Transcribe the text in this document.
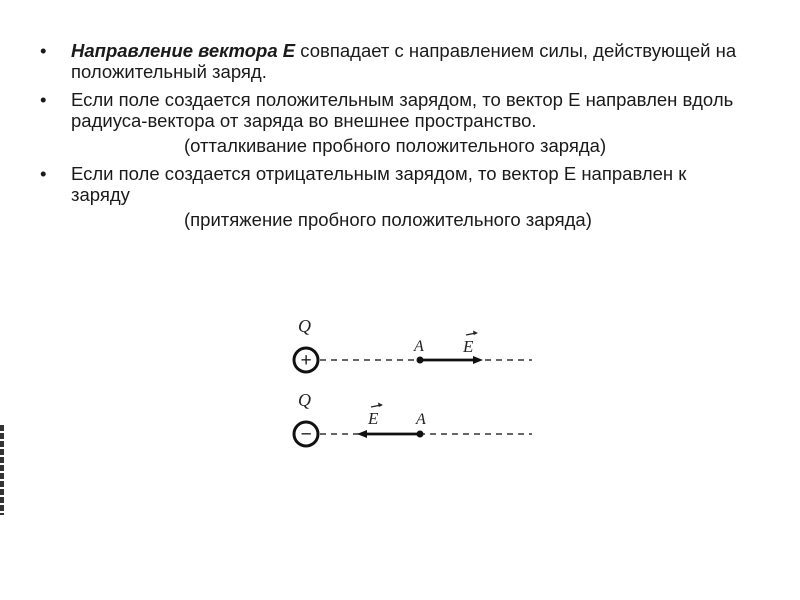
• Направление вектора E совпадает с направлением силы, действующей на положительный заряд.
• Если поле создается положительным зарядом, то вектор E направлен вдоль радиуса-вектора от заряда во внешнее пространство.
(отталкивание пробного положительного заряда)
• Если поле создается отрицательным зарядом, то вектор E направлен к заряду
(притяжение пробного положительного заряда)
Q
+
A E
Q
−
A
E
